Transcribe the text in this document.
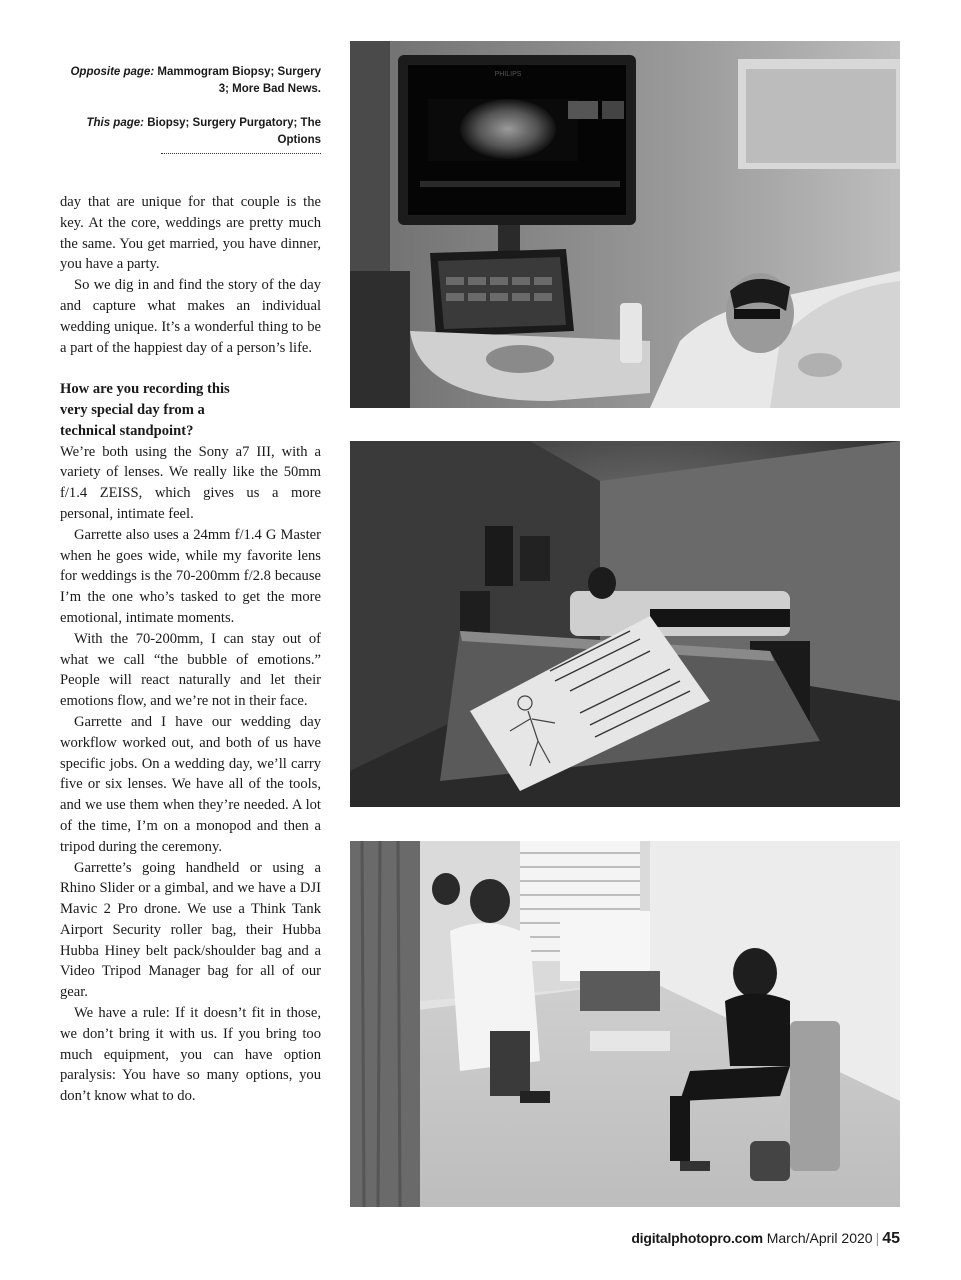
Opposite page: Mammogram Biopsy; Surgery 3; More Bad News.

This page: Biopsy; Surgery Purgatory; The Options

day that are unique for that couple is the key. At the core, weddings are pretty much the same. You get married, you have dinner, you have a party.

So we dig in and find the story of the day and capture what makes an individual wedding unique. It’s a wonderful thing to be a part of the happiest day of a person’s life.

How are you recording this very special day from a technical standpoint?

We’re both using the Sony a7 III, with a variety of lenses. We really like the 50mm f/1.4 ZEISS, which gives us a more personal, intimate feel.

Garrette also uses a 24mm f/1.4 G Master when he goes wide, while my favorite lens for weddings is the 70-200mm f/2.8 because I’m the one who’s tasked to get the more emotional, intimate moments.

With the 70-200mm, I can stay out of what we call “the bubble of emotions.” People will react naturally and let their emotions flow, and we’re not in their face.

Garrette and I have our wedding day workflow worked out, and both of us have specific jobs. On a wedding day, we’ll carry five or six lenses. We have all of the tools, and we use them when they’re needed. A lot of the time, I’m on a monopod and then a tripod during the ceremony.

Garrette’s going handheld or using a Rhino Slider or a gimbal, and we have a DJI Mavic 2 Pro drone. We use a Think Tank Airport Security roller bag, their Hubba Hubba Hiney belt pack/shoulder bag and a Video Tripod Manager bag for all of our gear.

We have a rule: If it doesn’t fit in those, we don’t bring it with us. If you bring too much equipment, you can have option paralysis: You have so many options, you don’t know what to do.

PHILIPS
digitalphotopro.com March/April 2020 | 45
